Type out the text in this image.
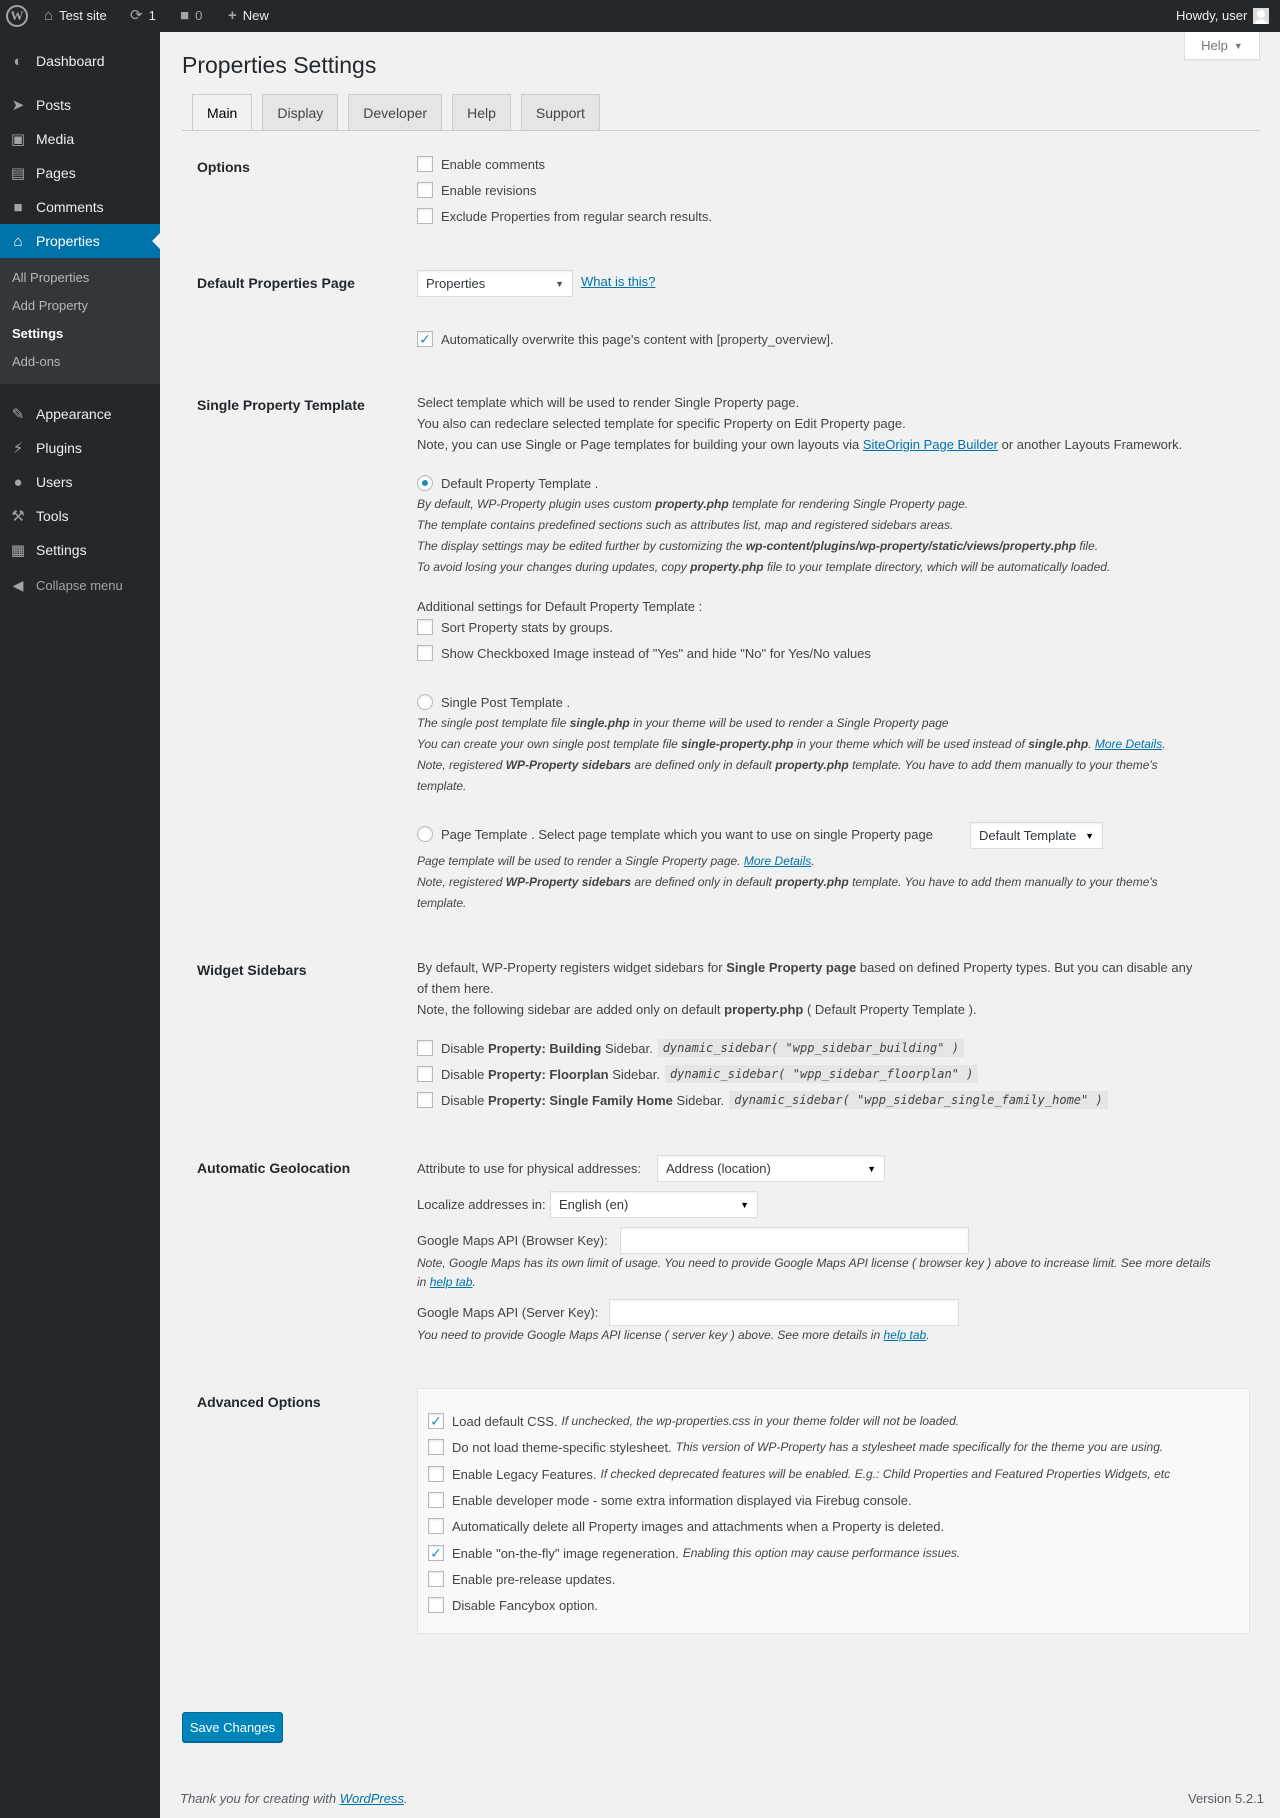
W	⌂ Test site ⟳ 1 ■ 0 + New	Howdy, user
◐ Dashboard
➤ Posts
▣ Media
▤ Pages
■ Comments
⌂ Properties
All Properties
Add Property
Settings
Add-ons
✎ Appearance
⚡ Plugins
● Users
⚒ Tools
▦ Settings
◀ Collapse menu
Help ▼
Properties Settings
Main	Display	Developer	Help	Support
Options	Enable comments
Enable revisions
Exclude Properties from regular search results.
Default Properties Page	Properties	▼ What is this?
✓ Automatically overwrite this page's content with [property_overview].
Single Property Template	Select template which will be used to render Single Property page.
You also can redeclare selected template for specific Property on Edit Property page.
Note, you can use Single or Page templates for building your own layouts via SiteOrigin Page Builder or another Layouts Framework.
Default Property Template .
By default, WP-Property plugin uses custom property.php template for rendering Single Property page.
The template contains predefined sections such as attributes list, map and registered sidebars areas.
The display settings may be edited further by customizing the wp-content/plugins/wp-property/static/views/property.php file.
To avoid losing your changes during updates, copy property.php file to your template directory, which will be automatically loaded.
Additional settings for Default Property Template :
Sort Property stats by groups.
Show Checkboxed Image instead of "Yes" and hide "No" for Yes/No values
Single Post Template .
The single post template file single.php in your theme will be used to render a Single Property page
You can create your own single post template file single-property.php in your theme which will be used instead of single.php. More Details.
Note, registered WP-Property sidebars are defined only in default property.php template. You have to add them manually to your theme's
template.
Page Template . Select page template which you want to use on single Property page	Default Template ▼
Page template will be used to render a Single Property page. More Details.
Note, registered WP-Property sidebars are defined only in default property.php template. You have to add them manually to your theme's
template.
Widget Sidebars	By default, WP-Property registers widget sidebars for Single Property page based on defined Property types. But you can disable any
of them here.
Note, the following sidebar are added only on default property.php ( Default Property Template ).
Disable
Property: Building
Sidebar. dynamic_sidebar( "wpp_sidebar_building" )
Disable
Property: Floorplan
Sidebar. dynamic_sidebar( "wpp_sidebar_floorplan" )
Disable
Property: Single Family Home
Sidebar. dynamic_sidebar( "wpp_sidebar_single_family_home" )
Automatic Geolocation	Attribute to use for physical addresses: Address (location)	▼
Localize addresses in: English (en)	▼
Google Maps API (Browser Key):
Note, Google Maps has its own limit of usage. You need to provide Google Maps API license ( browser key ) above to increase limit. See more details
in help tab.
Google Maps API (Server Key):
You need to provide Google Maps API license ( server key ) above. See more details in help tab.
Advanced Options
✓ Load default CSS. If unchecked, the wp-properties.css in your theme folder will not be loaded.
Do not load theme-specific stylesheet. This version of WP-Property has a stylesheet made specifically for the theme you are using.
Enable Legacy Features. If checked deprecated features will be enabled. E.g.: Child Properties and Featured Properties Widgets, etc
Enable developer mode - some extra information displayed via Firebug console.
Automatically delete all Property images and attachments when a Property is deleted.
✓ Enable "on-the-fly" image regeneration. Enabling this option may cause performance issues.
Enable pre-release updates.
Disable Fancybox option.
Save Changes
Thank you for creating with WordPress.	Version 5.2.1
